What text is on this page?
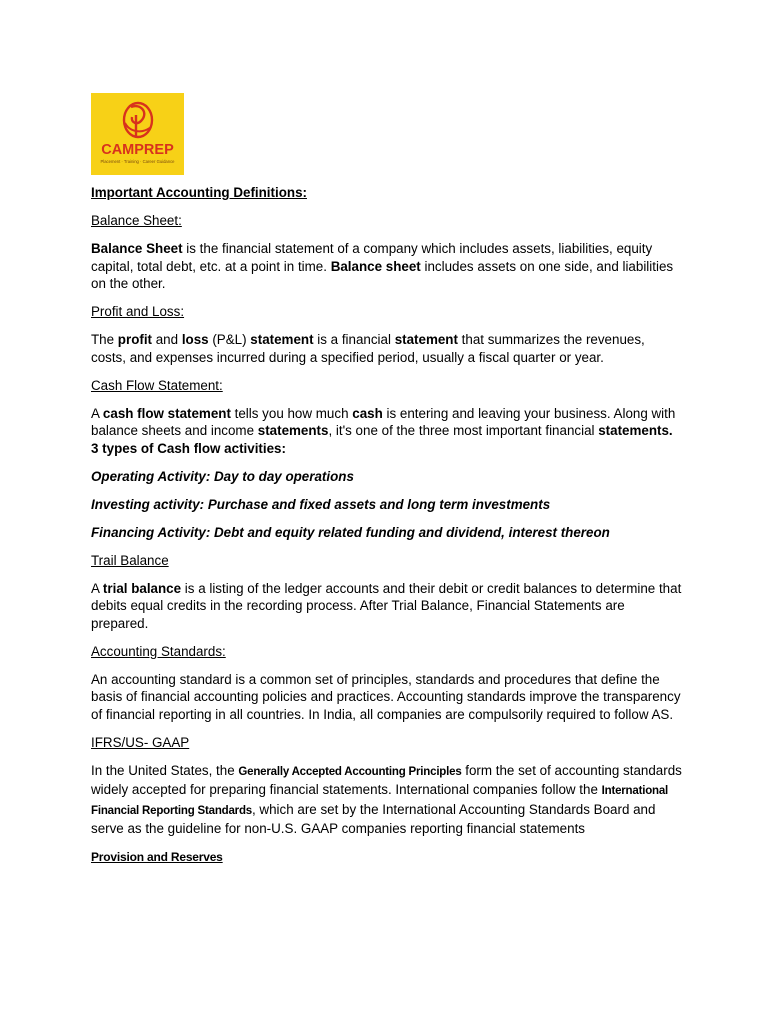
CAMPREP
Placement · Training · Career Guidance

Important Accounting Definitions:

Balance Sheet:

Balance Sheet is the financial statement of a company which includes assets, liabilities, equity capital, total debt, etc. at a point in time. Balance sheet includes assets on one side, and liabilities on the other.

Profit and Loss:

The profit and loss (P&L) statement is a financial statement that summarizes the revenues, costs, and expenses incurred during a specified period, usually a fiscal quarter or year.

Cash Flow Statement:

A cash flow statement tells you how much cash is entering and leaving your business. Along with balance sheets and income statements, it's one of the three most important financial statements. 3 types of Cash flow activities:

Operating Activity: Day to day operations

Investing activity: Purchase and fixed assets and long term investments

Financing Activity: Debt and equity related funding and dividend, interest thereon

Trail Balance

A trial balance is a listing of the ledger accounts and their debit or credit balances to determine that debits equal credits in the recording process. After Trial Balance, Financial Statements are prepared.

Accounting Standards:

An accounting standard is a common set of principles, standards and procedures that define the basis of financial accounting policies and practices. Accounting standards improve the transparency of financial reporting in all countries. In India, all companies are compulsorily required to follow AS.

IFRS/US- GAAP

In the United States, the Generally Accepted Accounting Principles form the set of accounting standards widely accepted for preparing financial statements. International companies follow the International Financial Reporting Standards, which are set by the International Accounting Standards Board and serve as the guideline for non-U.S. GAAP companies reporting financial statements

Provision and Reserves
